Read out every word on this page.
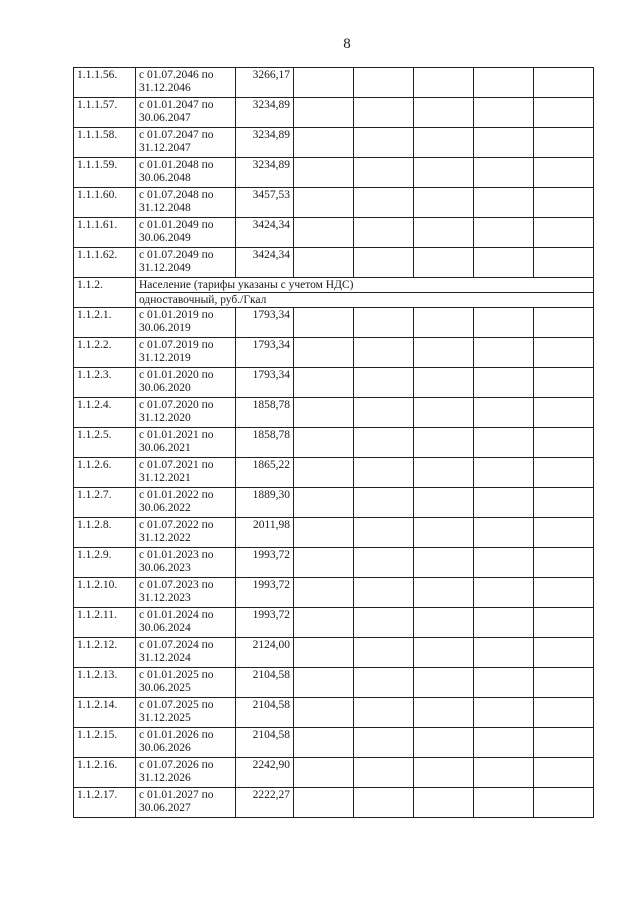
8
1.1.1.56.	с 01.07.2046 по 31.12.2046	3266,17					
1.1.1.57.	с 01.01.2047 по 30.06.2047	3234,89					
1.1.1.58.	с 01.07.2047 по 31.12.2047	3234,89					
1.1.1.59.	с 01.01.2048 по 30.06.2048	3234,89					
1.1.1.60.	с 01.07.2048 по 31.12.2048	3457,53					
1.1.1.61.	с 01.01.2049 по 30.06.2049	3424,34					
1.1.1.62.	с 01.07.2049 по 31.12.2049	3424,34					
1.1.2.	Население (тарифы указаны с учетом НДС)						
	одноставочный, руб./Гкал						
1.1.2.1.	с 01.01.2019 по 30.06.2019	1793,34					
1.1.2.2.	с 01.07.2019 по 31.12.2019	1793,34					
1.1.2.3.	с 01.01.2020 по 30.06.2020	1793,34					
1.1.2.4.	с 01.07.2020 по 31.12.2020	1858,78					
1.1.2.5.	с 01.01.2021 по 30.06.2021	1858,78					
1.1.2.6.	с 01.07.2021 по 31.12.2021	1865,22					
1.1.2.7.	с 01.01.2022 по 30.06.2022	1889,30					
1.1.2.8.	с 01.07.2022 по 31.12.2022	2011,98					
1.1.2.9.	с 01.01.2023 по 30.06.2023	1993,72					
1.1.2.10.	с 01.07.2023 по 31.12.2023	1993,72					
1.1.2.11.	с 01.01.2024 по 30.06.2024	1993,72					
1.1.2.12.	с 01.07.2024 по 31.12.2024	2124,00					
1.1.2.13.	с 01.01.2025 по 30.06.2025	2104,58					
1.1.2.14.	с 01.07.2025 по 31.12.2025	2104,58					
1.1.2.15.	с 01.01.2026 по 30.06.2026	2104,58					
1.1.2.16.	с 01.07.2026 по 31.12.2026	2242,90					
1.1.2.17.	с 01.01.2027 по 30.06.2027	2222,27					
